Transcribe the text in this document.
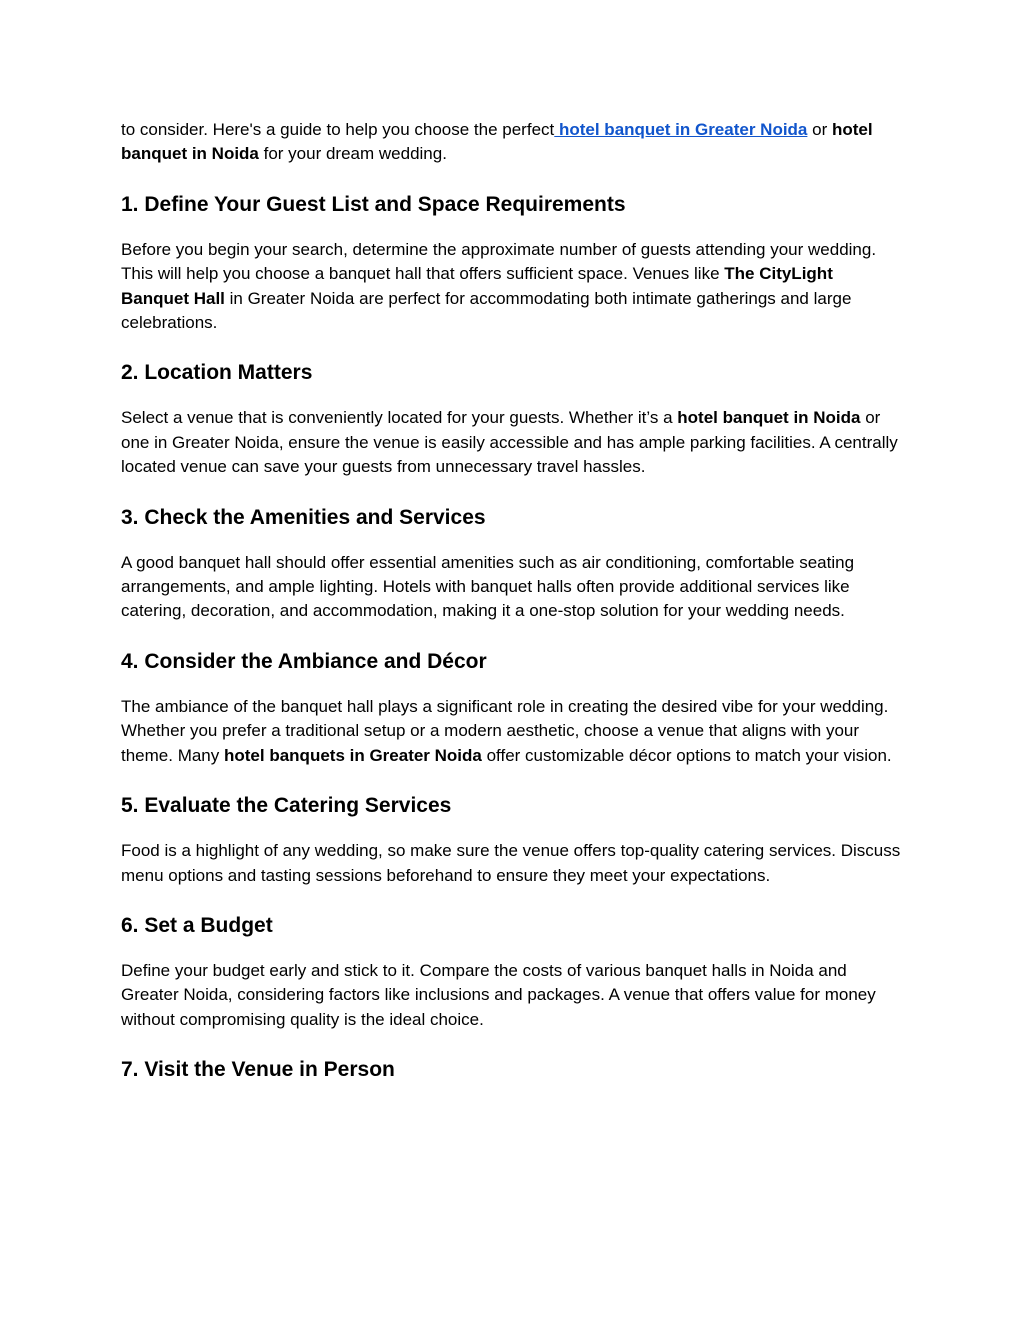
to consider. Here's a guide to help you choose the perfect hotel banquet in Greater Noida or hotel banquet in Noida for your dream wedding.

1. Define Your Guest List and Space Requirements

Before you begin your search, determine the approximate number of guests attending your wedding. This will help you choose a banquet hall that offers sufficient space. Venues like The CityLight Banquet Hall in Greater Noida are perfect for accommodating both intimate gatherings and large celebrations.

2. Location Matters

Select a venue that is conveniently located for your guests. Whether it’s a hotel banquet in Noida or one in Greater Noida, ensure the venue is easily accessible and has ample parking facilities. A centrally located venue can save your guests from unnecessary travel hassles.

3. Check the Amenities and Services

A good banquet hall should offer essential amenities such as air conditioning, comfortable seating arrangements, and ample lighting. Hotels with banquet halls often provide additional services like catering, decoration, and accommodation, making it a one-stop solution for your wedding needs.

4. Consider the Ambiance and Décor

The ambiance of the banquet hall plays a significant role in creating the desired vibe for your wedding. Whether you prefer a traditional setup or a modern aesthetic, choose a venue that aligns with your theme. Many hotel banquets in Greater Noida offer customizable décor options to match your vision.

5. Evaluate the Catering Services

Food is a highlight of any wedding, so make sure the venue offers top-quality catering services. Discuss menu options and tasting sessions beforehand to ensure they meet your expectations.

6. Set a Budget

Define your budget early and stick to it. Compare the costs of various banquet halls in Noida and Greater Noida, considering factors like inclusions and packages. A venue that offers value for money without compromising quality is the ideal choice.

7. Visit the Venue in Person
